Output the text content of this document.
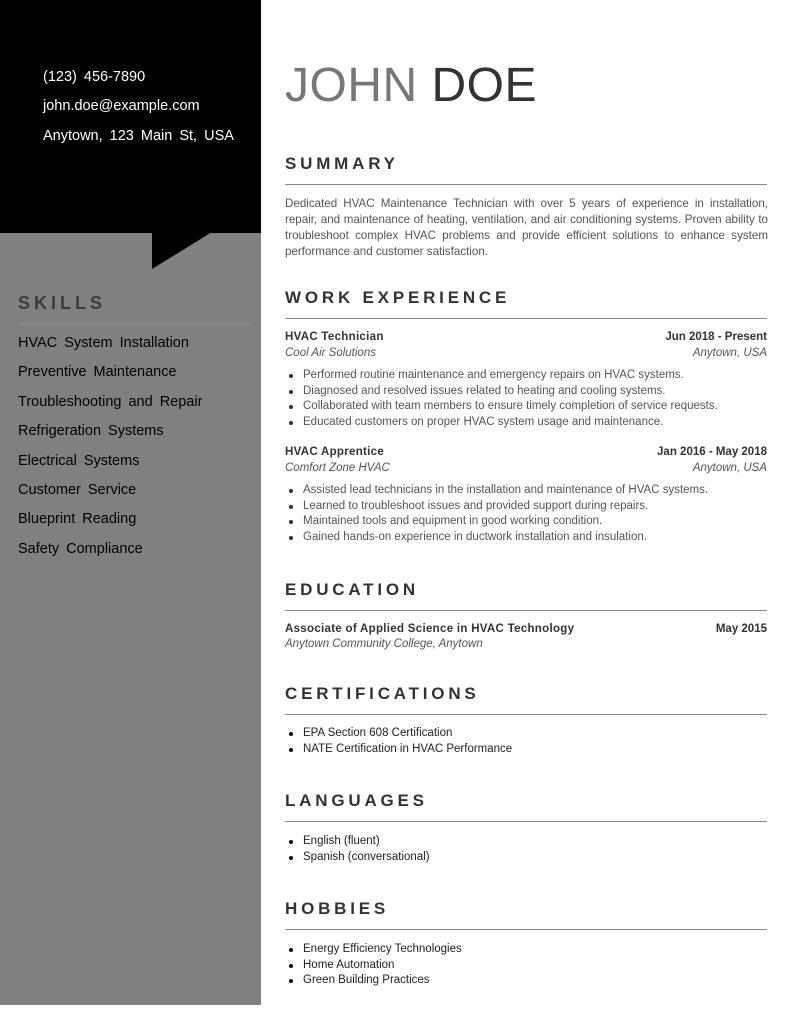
(123) 456-7890
john.doe@example.com
Anytown, 123 Main St, USA
SKILLS
HVAC System Installation
Preventive Maintenance
Troubleshooting and Repair
Refrigeration Systems
Electrical Systems
Customer Service
Blueprint Reading
Safety Compliance
JOHN DOE
SUMMARY
Dedicated HVAC Maintenance Technician with over 5 years of experience in installation, repair, and maintenance of heating, ventilation, and air conditioning systems. Proven ability to troubleshoot complex HVAC problems and provide efficient solutions to enhance system performance and customer satisfaction.
WORK EXPERIENCE
HVAC Technician	Jun 2018 - Present
Cool Air Solutions	Anytown, USA
Performed routine maintenance and emergency repairs on HVAC systems.
Diagnosed and resolved issues related to heating and cooling systems.
Collaborated with team members to ensure timely completion of service requests.
Educated customers on proper HVAC system usage and maintenance.
HVAC Apprentice	Jan 2016 - May 2018
Comfort Zone HVAC	Anytown, USA
Assisted lead technicians in the installation and maintenance of HVAC systems.
Learned to troubleshoot issues and provided support during repairs.
Maintained tools and equipment in good working condition.
Gained hands-on experience in ductwork installation and insulation.
EDUCATION
Associate of Applied Science in HVAC Technology	May 2015
Anytown Community College, Anytown
CERTIFICATIONS
EPA Section 608 Certification
NATE Certification in HVAC Performance
LANGUAGES
English (fluent)
Spanish (conversational)
HOBBIES
Energy Efficiency Technologies
Home Automation
Green Building Practices
